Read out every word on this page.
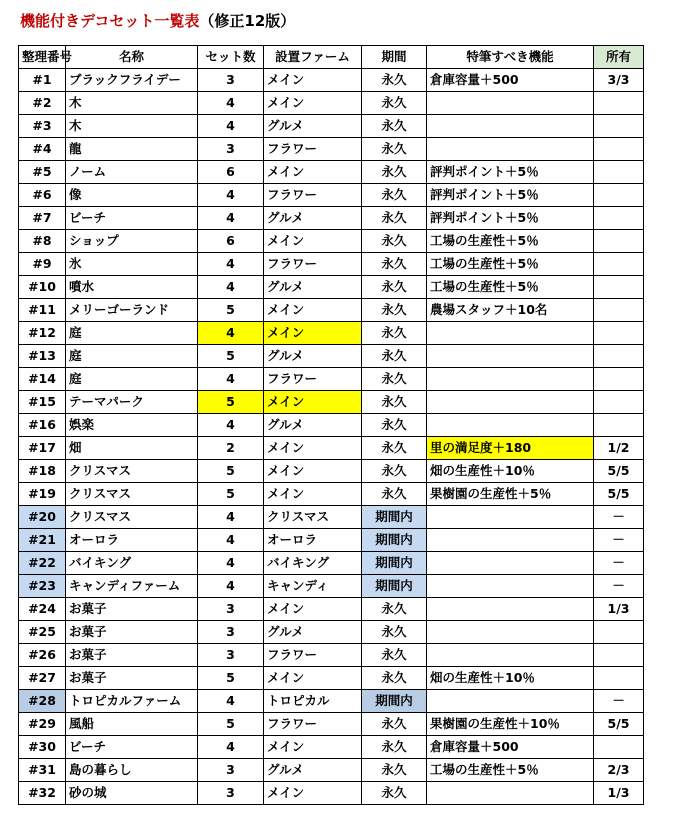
機能付きデコセット一覧表（修正12版）
整理番号	名称	セット数	設置ファーム	期間	特筆すべき機能	所有
#1	ブラックフライデー	3	メイン	永久	倉庫容量＋500	3/3
#2	木	4	メイン	永久		
#3	木	4	グルメ	永久		
#4	龍	3	フラワー	永久		
#5	ノーム	6	メイン	永久	評判ポイント＋5％	
#6	像	4	フラワー	永久	評判ポイント＋5％	
#7	ビーチ	4	グルメ	永久	評判ポイント＋5％	
#8	ショップ	6	メイン	永久	工場の生産性＋5％	
#9	氷	4	フラワー	永久	工場の生産性＋5％	
#10	噴水	4	グルメ	永久	工場の生産性＋5％	
#11	メリーゴーランド	5	メイン	永久	農場スタッフ＋10名	
#12	庭	4	メイン	永久		
#13	庭	5	グルメ	永久		
#14	庭	4	フラワー	永久		
#15	テーマパーク	5	メイン	永久		
#16	娯楽	4	グルメ	永久		
#17	畑	2	メイン	永久	里の満足度＋180	1/2
#18	クリスマス	5	メイン	永久	畑の生産性＋10％	5/5
#19	クリスマス	5	メイン	永久	果樹園の生産性＋5％	5/5
#20	クリスマス	4	クリスマス	期間内		－
#21	オーロラ	4	オーロラ	期間内		－
#22	バイキング	4	バイキング	期間内		－
#23	キャンディファーム	4	キャンディ	期間内		－
#24	お菓子	3	メイン	永久		1/3
#25	お菓子	3	グルメ	永久		
#26	お菓子	3	フラワー	永久		
#27	お菓子	5	メイン	永久	畑の生産性＋10％	
#28	トロピカルファーム	4	トロピカル	期間内		－
#29	風船	5	フラワー	永久	果樹園の生産性＋10％	5/5
#30	ビーチ	4	メイン	永久	倉庫容量＋500	
#31	島の暮らし	3	グルメ	永久	工場の生産性＋5％	2/3
#32	砂の城	3	メイン	永久		1/3
